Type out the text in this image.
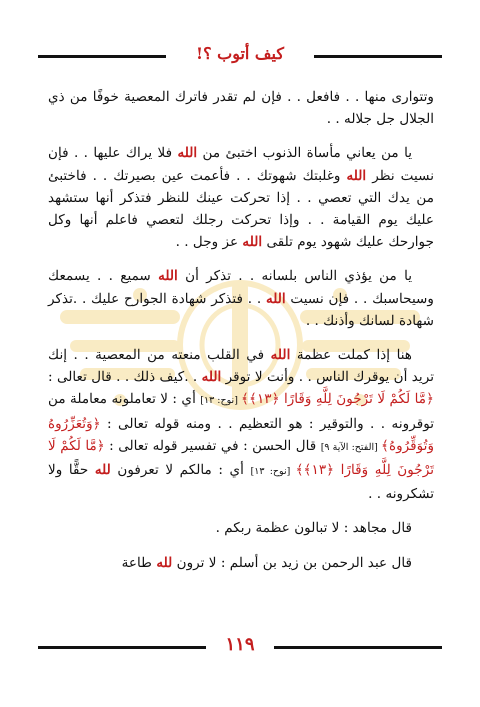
كيف أتوب ؟!

وتتوارى منها . . فافعل . . فإن لم تقدر فاترك المعصية خوفًا من ذي الجلال جل جلاله . .

يا من يعاني مأساة الذنوب اختبئ من الله فلا يراك عليها . . فإن نسيت نظر الله وغلبتك شهوتك . . فأعمت عين بصيرتك . . فاختبئ من يدك التي تعصي . . إذا تحركت عينك للنظر فتذكر أنها ستشهد عليك يوم القيامة . . وإذا تحركت رجلك لتعصي فاعلم أنها وكل جوارحك عليك شهود يوم تلقى الله عز وجل . .

يا من يؤذي الناس بلسانه . . تذكر أن الله سميع . . يسمعك وسيحاسبك . . فإن نسيت الله . . فتذكر شهادة الجوارح عليك . .تذكر شهادة لسانك وأذنك . .

هنا إذا كملت عظمة الله في القلب منعته من المعصية . . إنك تريد أن يوقرك الناس . . وأنت لا توقر الله . .كيف ذلك . . قال تعالى : ﴿مَّا لَكُمْ لَا تَرْجُونَ لِلَّهِ وَقَارًا ﴿١٣﴾﴾ [نوح: ١٣] أي : لا تعاملونه معاملة من توقرونه . . والتوقير : هو التعظيم . . ومنه قوله تعالى : ﴿وَتُعَزِّرُوهُ وَتُوَقِّرُوهُ﴾ [الفتح: الآية ٩] قال الحسن : في تفسير قوله تعالى : ﴿مَّا لَكُمْ لَا تَرْجُونَ لِلَّهِ وَقَارًا ﴿١٣﴾﴾ [نوح: ١٣] أي : مالكم لا تعرفون لله حقًّا ولا تشكرونه . .

قال مجاهد : لا تبالون عظمة ربكم .

قال عبد الرحمن بن زيد بن أسلم : لا ترون لله طاعة

١١٩
